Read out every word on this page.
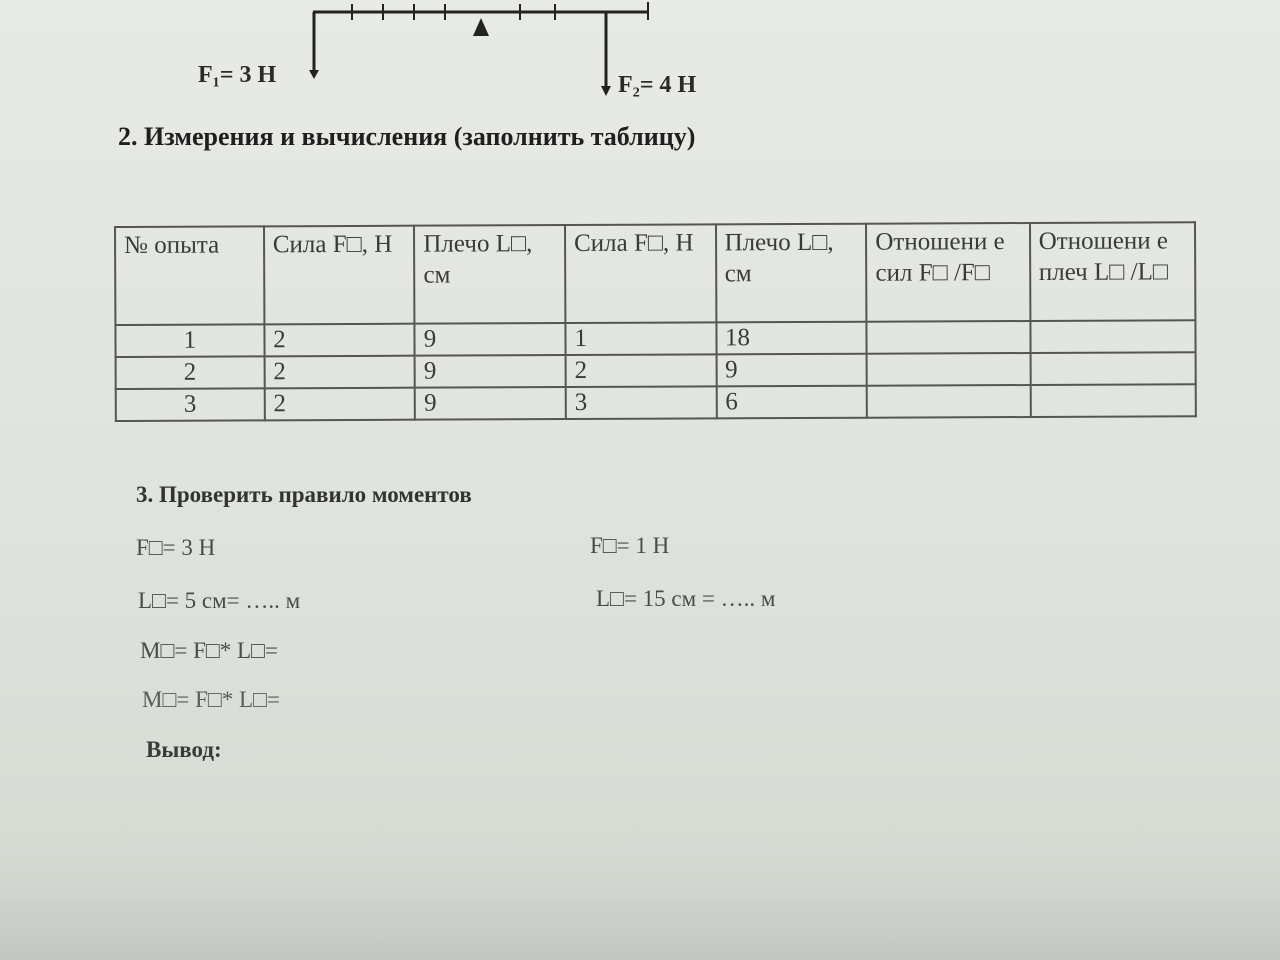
F₁= 3 Н	F₂= 4 Н
2. Измерения и вычисления (заполнить таблицу)
№ опыта	Сила F□, Н	Плечо L□, см	Сила F□, Н	Плечо L□, см	Отношени е сил F□ /F□	Отношени е плеч L□ /L□
1	2	9	1	18		
2	2	9	2	9		
3	2	9	3	6		
3. Проверить правило моментов
F□= 3 Н
L□= 5 см= ….. м
M□= F□* L□=
M□= F□* L□=
F□= 1 Н
L□= 15 см = ….. м
Вывод:
